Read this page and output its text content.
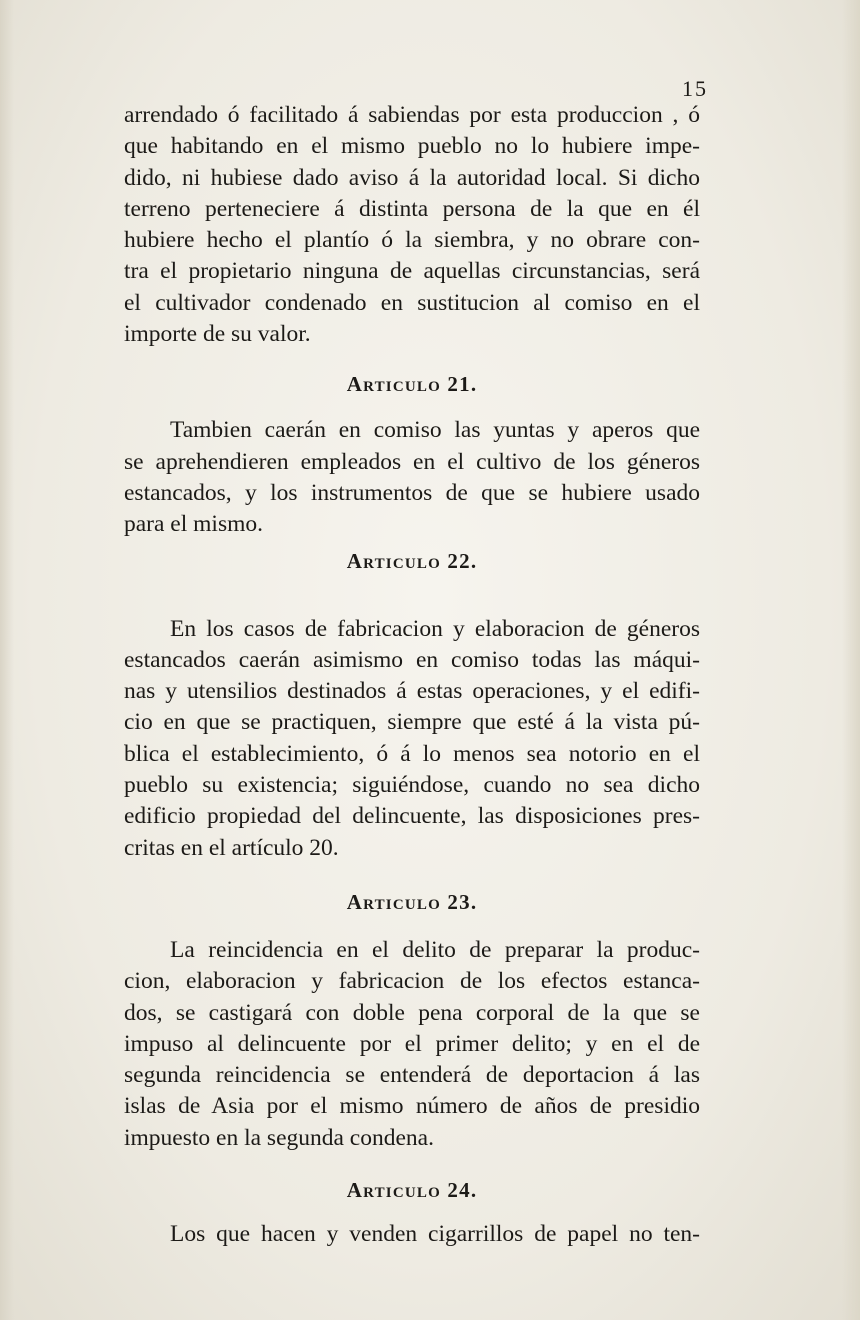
15

arrendado ó facilitado á sabiendas por esta produccion , ó
que habitando en el mismo pueblo no lo hubiere impe-
dido, ni hubiese dado aviso á la autoridad local. Si dicho
terreno perteneciere á distinta persona de la que en él
hubiere hecho el plantío ó la siembra, y no obrare con-
tra el propietario ninguna de aquellas circunstancias, será
el cultivador condenado en sustitucion al comiso en el
importe de su valor.

Articulo 21.

Tambien caerán en comiso las yuntas y aperos que
se aprehendieren empleados en el cultivo de los géneros
estancados, y los instrumentos de que se hubiere usado
para el mismo.

Articulo 22.

En los casos de fabricacion y elaboracion de géneros
estancados caerán asimismo en comiso todas las máqui-
nas y utensilios destinados á estas operaciones, y el edifi-
cio en que se practiquen, siempre que esté á la vista pú-
blica el establecimiento, ó á lo menos sea notorio en el
pueblo su existencia; siguiéndose, cuando no sea dicho
edificio propiedad del delincuente, las disposiciones pres-
critas en el artículo 20.

Articulo 23.

La reincidencia en el delito de preparar la produc-
cion, elaboracion y fabricacion de los efectos estanca-
dos, se castigará con doble pena corporal de la que se
impuso al delincuente por el primer delito; y en el de
segunda reincidencia se entenderá de deportacion á las
islas de Asia por el mismo número de años de presidio
impuesto en la segunda condena.

Articulo 24.

Los que hacen y venden cigarrillos de papel no ten-
